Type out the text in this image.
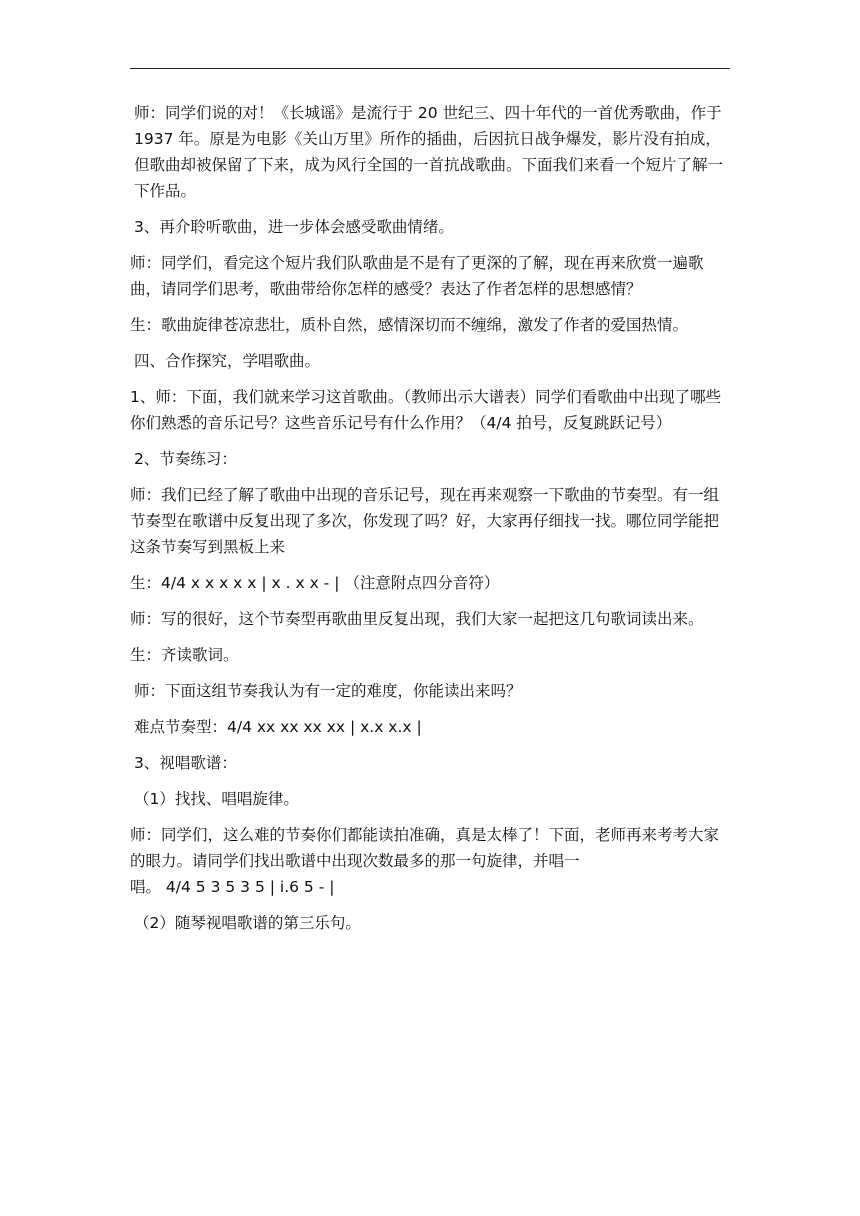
师：同学们说的对！《长城谣》是流行于 20 世纪三、四十年代的一首优秀歌曲，作于 1937 年。原是为电影《关山万里》所作的插曲，后因抗日战争爆发，影片没有拍成，但歌曲却被保留了下来，成为风行全国的一首抗战歌曲。下面我们来看一个短片了解一下作品。

3、再介聆听歌曲，进一步体会感受歌曲情绪。

师：同学们，看完这个短片我们队歌曲是不是有了更深的了解，现在再来欣赏一遍歌曲，请同学们思考，歌曲带给你怎样的感受？表达了作者怎样的思想感情？

生：歌曲旋律苍凉悲壮，质朴自然，感情深切而不缠绵，激发了作者的爱国热情。

四、合作探究，学唱歌曲。

1、师：下面，我们就来学习这首歌曲。（教师出示大谱表）同学们看歌曲中出现了哪些你们熟悉的音乐记号？这些音乐记号有什么作用？（4/4 拍号，反复跳跃记号）

2、节奏练习：

师：我们已经了解了歌曲中出现的音乐记号，现在再来观察一下歌曲的节奏型。有一组节奏型在歌谱中反复出现了多次，你发现了吗？好，大家再仔细找一找。哪位同学能把这条节奏写到黑板上来

生：4/4 x x x x x | x . x x - | （注意附点四分音符）

师：写的很好，这个节奏型再歌曲里反复出现，我们大家一起把这几句歌词读出来。

生：齐读歌词。

师：下面这组节奏我认为有一定的难度，你能读出来吗？

难点节奏型：4/4 xx xx xx xx | x.x x.x |

3、视唱歌谱：

（1）找找、唱唱旋律。

师：同学们，这么难的节奏你们都能读拍准确，真是太棒了！下面，老师再来考考大家的眼力。请同学们找出歌谱中出现次数最多的那一句旋律，并唱一

唱。 4/4 5 3 5 3 5 | i.6 5 - |

（2）随琴视唱歌谱的第三乐句。
